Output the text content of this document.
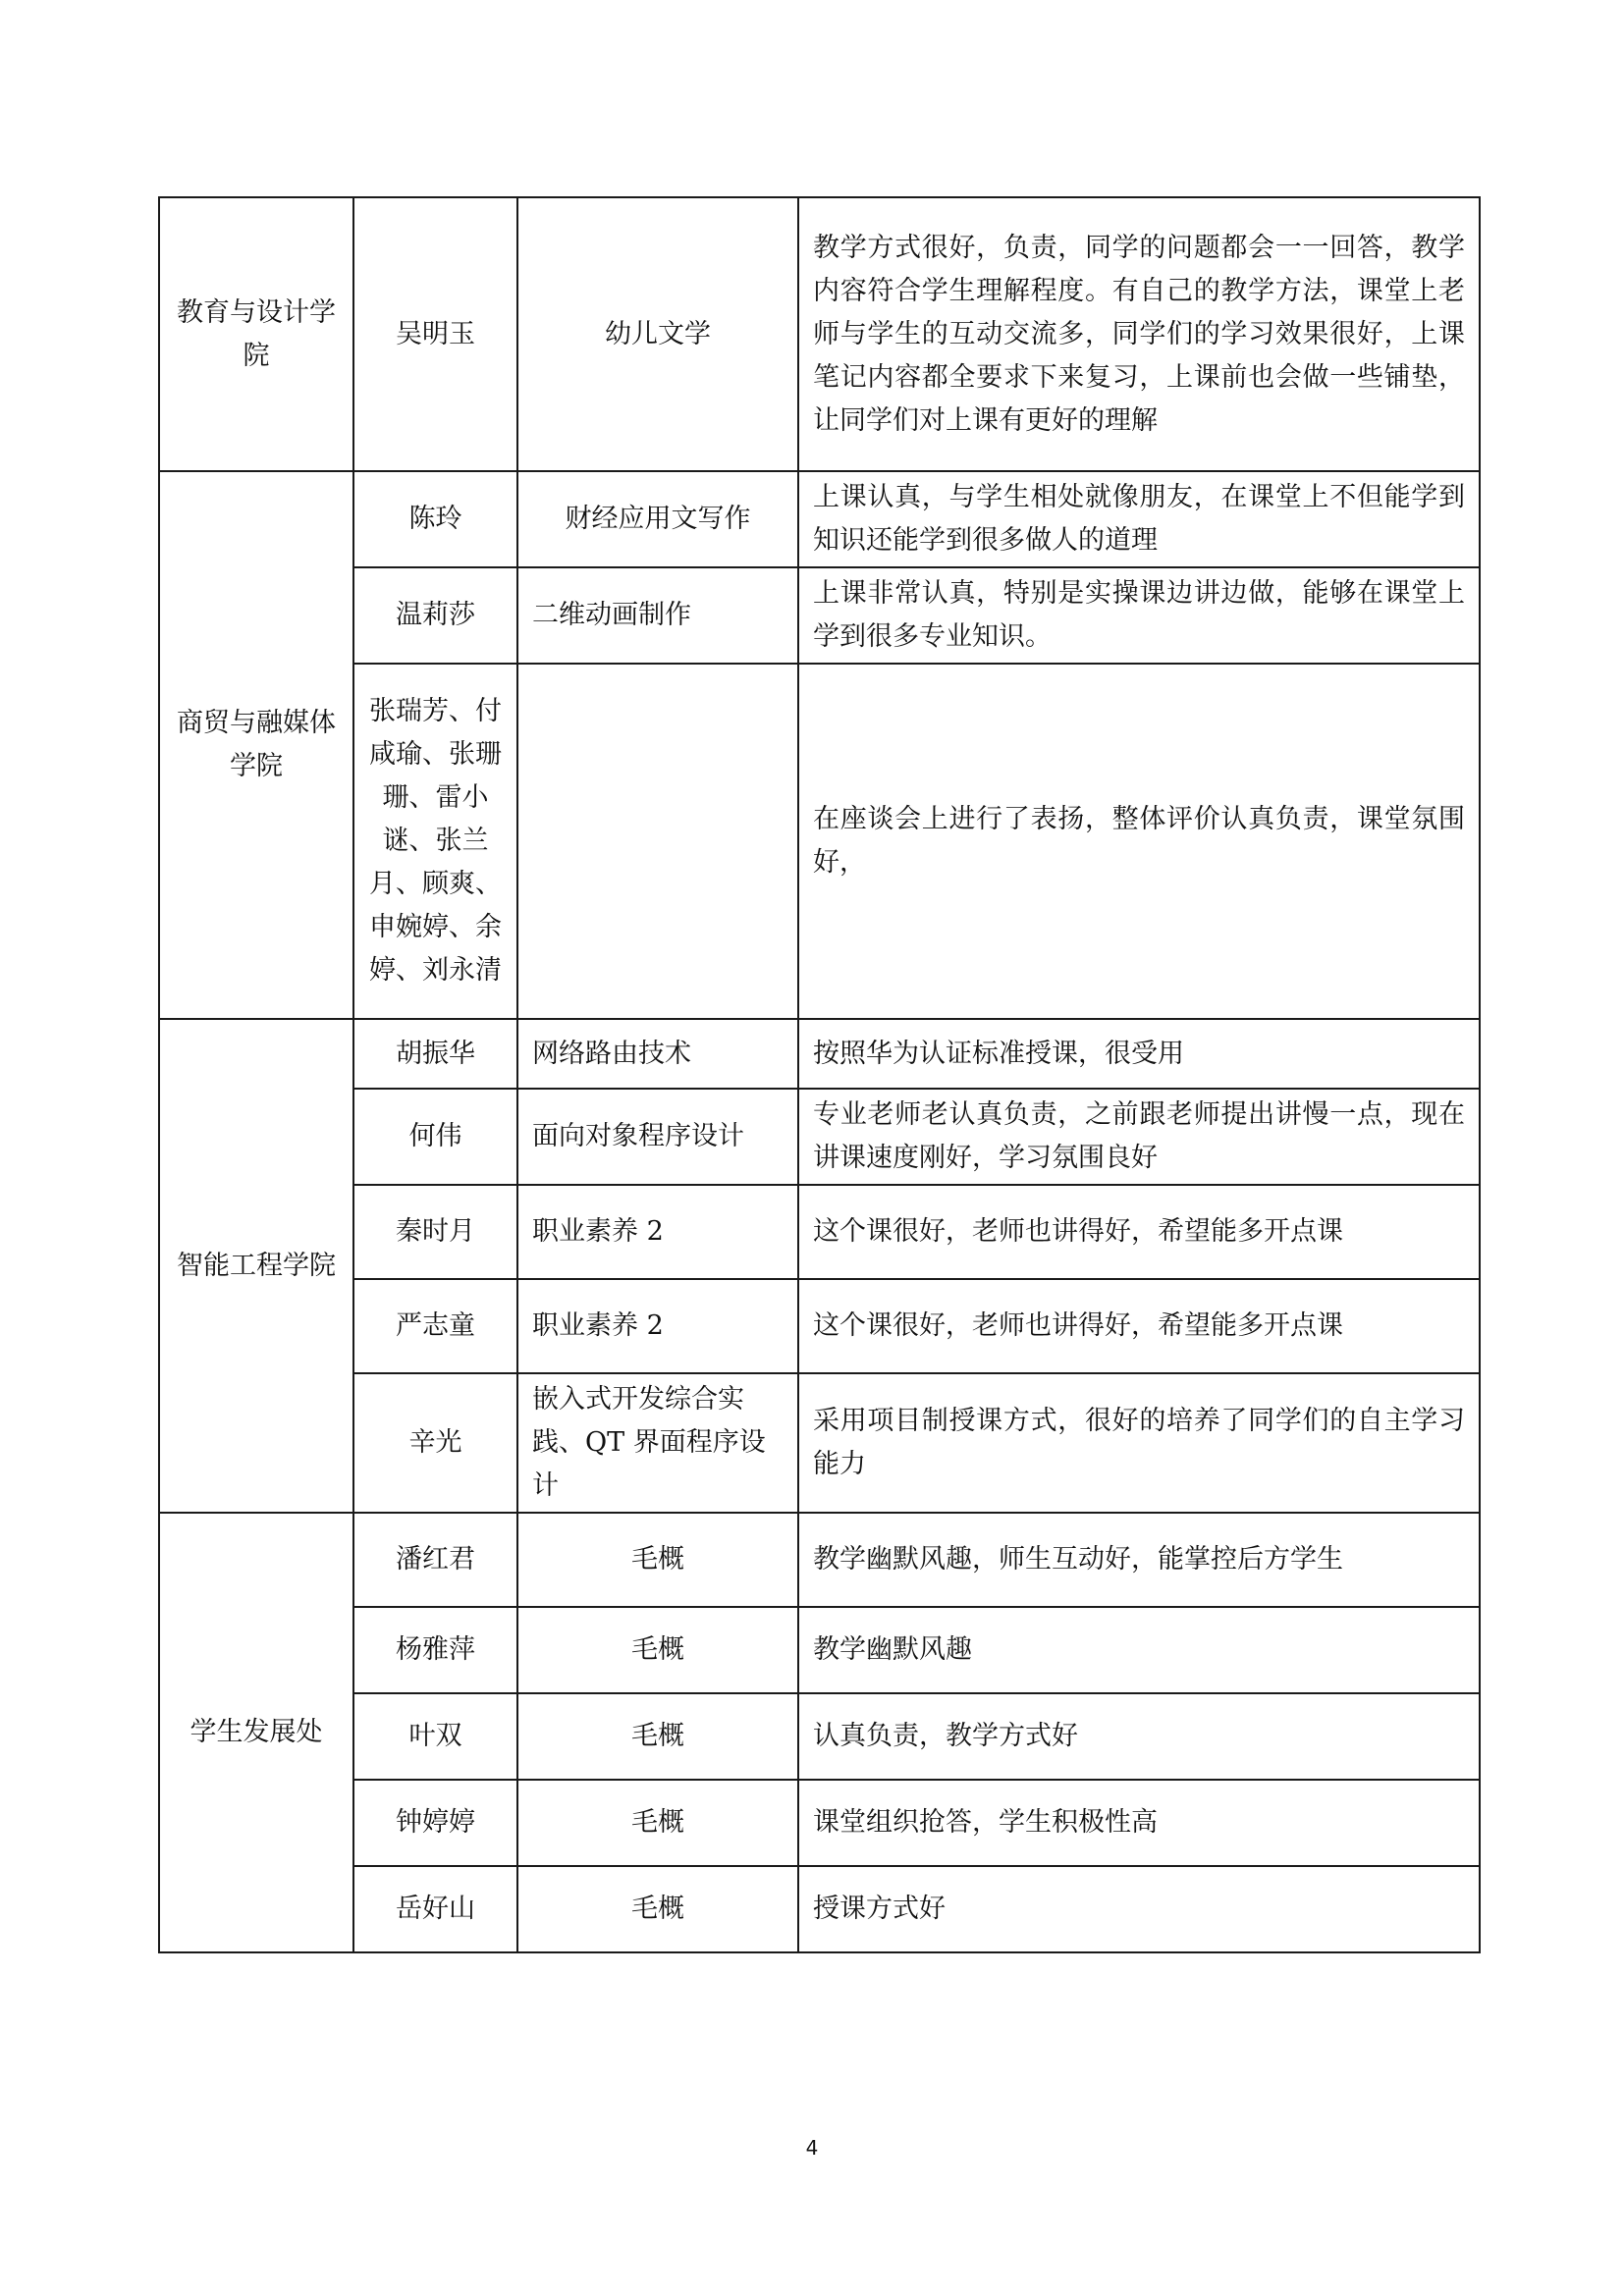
教育与设计学院	吴明玉	幼儿文学	教学方式很好，负责，同学的问题都会一一回答，教学内容符合学生理解程度。有自己的教学方法，课堂上老师与学生的互动交流多，同学们的学习效果很好，上课笔记内容都全要求下来复习，上课前也会做一些铺垫，让同学们对上课有更好的理解
商贸与融媒体学院	陈玲	财经应用文写作	上课认真，与学生相处就像朋友，在课堂上不但能学到知识还能学到很多做人的道理
	温莉莎	二维动画制作	上课非常认真，特别是实操课边讲边做，能够在课堂上学到很多专业知识。
	张瑞芳、付咸瑜、张珊珊、雷小谜、张兰月、顾爽、申婉婷、余婷、刘永清		在座谈会上进行了表扬，整体评价认真负责，课堂氛围好，
智能工程学院	胡振华	网络路由技术	按照华为认证标准授课，很受用
	何伟	面向对象程序设计	专业老师老认真负责，之前跟老师提出讲慢一点，现在讲课速度刚好，学习氛围良好
	秦时月	职业素养 2	这个课很好，老师也讲得好，希望能多开点课
	严志童	职业素养 2	这个课很好，老师也讲得好，希望能多开点课
	辛光	嵌入式开发综合实践、QT 界面程序设计	采用项目制授课方式，很好的培养了同学们的自主学习能力
学生发展处	潘红君	毛概	教学幽默风趣，师生互动好，能掌控后方学生
	杨雅萍	毛概	教学幽默风趣
	叶双	毛概	认真负责，教学方式好
	钟婷婷	毛概	课堂组织抢答，学生积极性高
	岳好山	毛概	授课方式好
4
